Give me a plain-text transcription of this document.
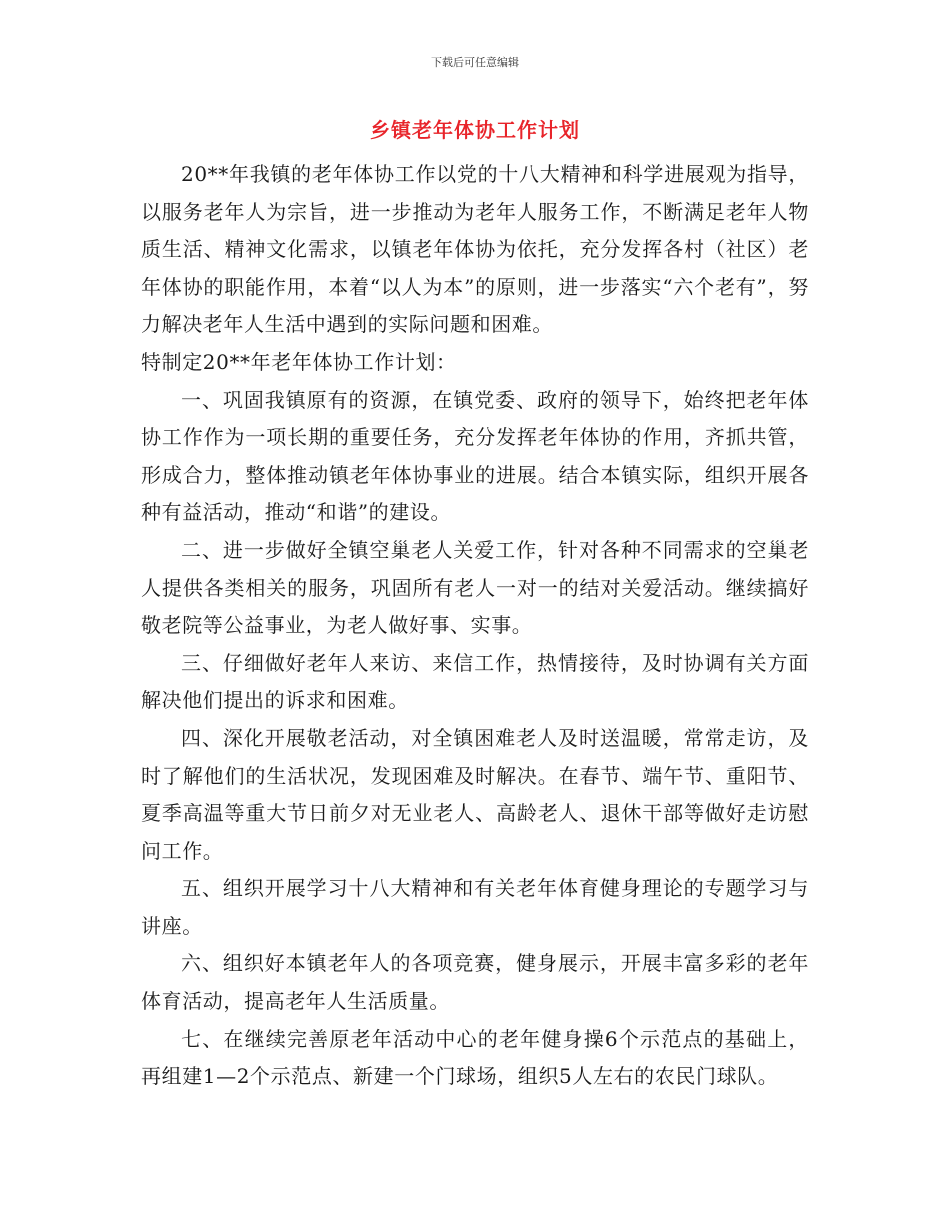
下载后可任意编辑
乡镇老年体协工作计划

20**年我镇的老年体协工作以党的十八大精神和科学进展观为指导，以服务老年人为宗旨，进一步推动为老年人服务工作，不断满足老年人物质生活、精神文化需求，以镇老年体协为依托，充分发挥各村（社区）老年体协的职能作用，本着“以人为本”的原则，进一步落实“六个老有”，努力解决老年人生活中遇到的实际问题和困难。

特制定20**年老年体协工作计划：

一、巩固我镇原有的资源，在镇党委、政府的领导下，始终把老年体协工作作为一项长期的重要任务，充分发挥老年体协的作用，齐抓共管，形成合力，整体推动镇老年体协事业的进展。结合本镇实际，组织开展各种有益活动，推动“和谐”的建设。

二、进一步做好全镇空巢老人关爱工作，针对各种不同需求的空巢老人提供各类相关的服务，巩固所有老人一对一的结对关爱活动。继续搞好敬老院等公益事业，为老人做好事、实事。

三、仔细做好老年人来访、来信工作，热情接待，及时协调有关方面解决他们提出的诉求和困难。

四、深化开展敬老活动，对全镇困难老人及时送温暖，常常走访，及时了解他们的生活状况，发现困难及时解决。在春节、端午节、重阳节、夏季高温等重大节日前夕对无业老人、高龄老人、退休干部等做好走访慰问工作。

五、组织开展学习十八大精神和有关老年体育健身理论的专题学习与讲座。

六、组织好本镇老年人的各项竞赛，健身展示，开展丰富多彩的老年体育活动，提高老年人生活质量。

七、在继续完善原老年活动中心的老年健身操6个示范点的基础上，再组建1—2个示范点、新建一个门球场，组织5人左右的农民门球队。
